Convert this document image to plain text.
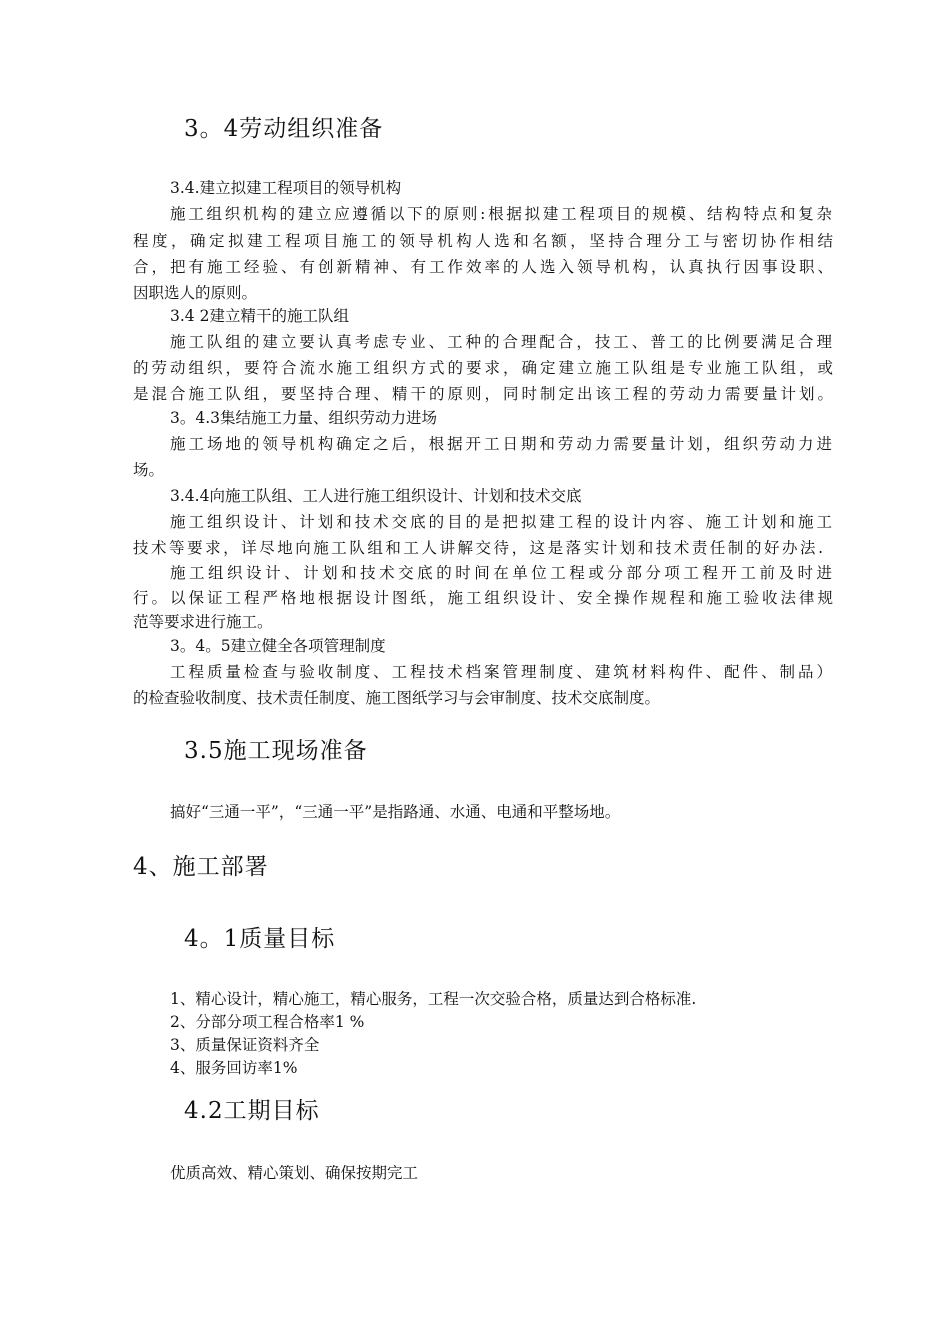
3。4劳动组织准备
3.4.建立拟建工程项目的领导机构
施工组织机构的建立应遵循以下的原则:根据拟建工程项目的规模、结构特点和复杂
程度，确定拟建工程项目施工的领导机构人选和名额，坚持合理分工与密切协作相结
合，把有施工经验、有创新精神、有工作效率的人选入领导机构，认真执行因事设职、
因职选人的原则。
3.4 2建立精干的施工队组
施工队组的建立要认真考虑专业、工种的合理配合，技工、普工的比例要满足合理
的劳动组织，要符合流水施工组织方式的要求，确定建立施工队组是专业施工队组，或
是混合施工队组，要坚持合理、精干的原则，同时制定出该工程的劳动力需要量计划。
3。4.3集结施工力量、组织劳动力进场
施工场地的领导机构确定之后，根据开工日期和劳动力需要量计划，组织劳动力进
场。
3.4.4向施工队组、工人进行施工组织设计、计划和技术交底
施工组织设计、计划和技术交底的目的是把拟建工程的设计内容、施工计划和施工
技术等要求，详尽地向施工队组和工人讲解交待，这是落实计划和技术责任制的好办法.
施工组织设计、计划和技术交底的时间在单位工程或分部分项工程开工前及时进
行。以保证工程严格地根据设计图纸，施工组织设计、安全操作规程和施工验收法律规
范等要求进行施工。
3。4。5建立健全各项管理制度
工程质量检查与验收制度、工程技术档案管理制度、建筑材料构件、配件、制品）
的检查验收制度、技术责任制度、施工图纸学习与会审制度、技术交底制度。
3.5施工现场准备
搞好“三通一平”，“三通一平”是指路通、水通、电通和平整场地。
4、施工部署
4。1质量目标
1、精心设计，精心施工，精心服务，工程一次交验合格，质量达到合格标准.
2、分部分项工程合格率1 %
3、质量保证资料齐全
4、服务回访率1%
4.2工期目标
优质高效、精心策划、确保按期完工
